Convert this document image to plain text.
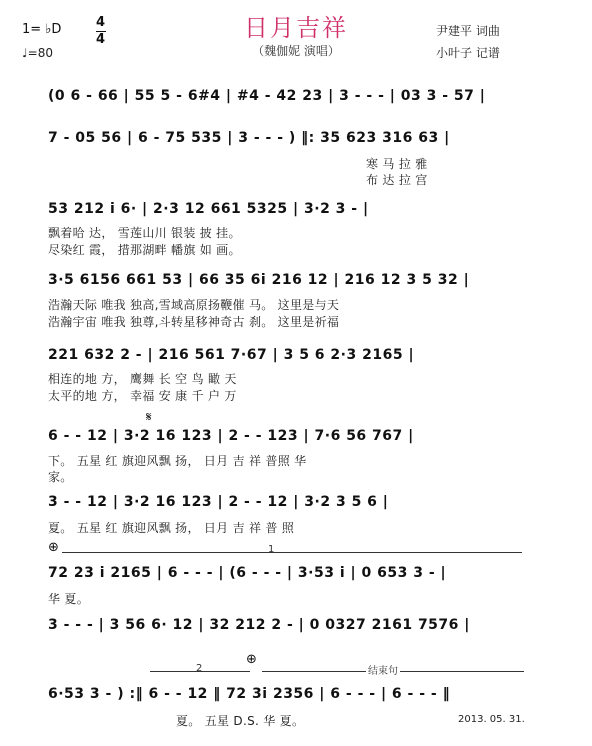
日月吉祥
（魏伽妮 演唱）
1= ♭D	4
4
♩=80
尹建平 词曲
小叶子 记谱
(0 6 - 66 | 55 5 - 6#4 | #4 - 42 23 | 3 - - - | 03 3 - 57 |
7 - 05 56 | 6 - 75 535 | 3 - - - ) ‖: 35 623 316 63 |
寒 马 拉 雅
布 达 拉 宫
53 212 i 6· | 2·3 12 661 5325 | 3·2 3 - |
飘着哈 达， 雪莲山川 银装 披 挂。
尽染红 霞， 措那湖畔 幡旗 如 画。
3·5 6156 661 53 | 66 35 6i 216 12 | 216 12 3 5 32 |
浩瀚天际 唯我 独高,雪域高原扬鞭催 马。 这里是与天
浩瀚宇宙 唯我 独尊,斗转星移神奇古 刹。 这里是祈福
221 632 2 - | 216 561 7·67 | 3 5 6 2·3 2165 |
相连的地 方， 鹰舞 长 空 鸟 瞰 天
太平的地 方， 幸福 安 康 千 户 万
𝄋
6 - - 12 | 3·2 16 123 | 2 - - 123 | 7·6 56 767 |
下。 五星 红 旗迎风飘 扬， 日月 吉 祥 普照 华
家。
3 - - 12 | 3·2 16 123 | 2 - - 12 | 3·2 3 5 6 |
夏。 五星 红 旗迎风飘 扬， 日月 吉 祥 普 照
⊕	1
72 23 i 2165 | 6 - - - | (6 - - - | 3·53 i | 0 653 3 - |
华 夏。
3 - - - | 3 56 6· 12 | 32 212 2 - | 0 0327 2161 7576 |
2
⊕
结束句
6·53 3 - ) :‖ 6 - - 12 ‖ 72 3i 2356 | 6 - - - | 6 - - - ‖
夏。 五星 D.S. 华 夏。	2013. 05. 31.
